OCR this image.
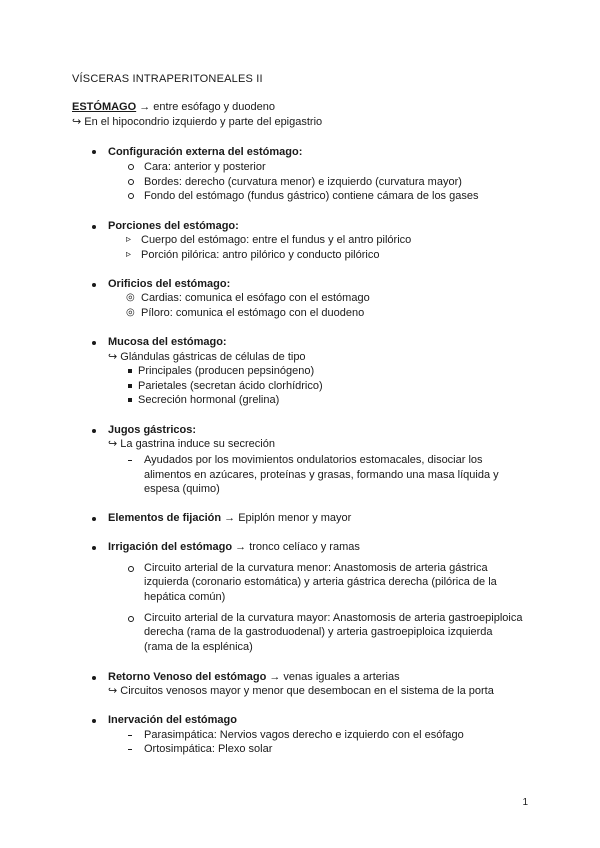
VÍSCERAS INTRAPERITONEALES II
ESTÓMAGO → entre esófago y duodeno
↪ En el hipocondrio izquierdo y parte del epigastrio
Configuración externa del estómago:
Cara: anterior y posterior
Bordes: derecho (curvatura menor) e izquierdo (curvatura mayor)
Fondo del estómago (fundus gástrico) contiene cámara de los gases
Porciones del estómago:
▹ Cuerpo del estómago: entre el fundus y el antro pilórico
▹ Porción pilórica: antro pilórico y conducto pilórico
Orificios del estómago:
◎ Cardias: comunica el esófago con el estómago
◎ Píloro: comunica el estómago con el duodeno
Mucosa del estómago:
↪ Glándulas gástricas de células de tipo
Principales (producen pepsinógeno)
Parietales (secretan ácido clorhídrico)
Secreción hormonal (grelina)
Jugos gástricos:
↪ La gastrina induce su secreción
Ayudados por los movimientos ondulatorios estomacales, disociar los
alimentos en azúcares, proteínas y grasas, formando una masa líquida y
espesa (quimo)
Elementos de fijación → Epiplón menor y mayor
Irrigación del estómago → tronco celíaco y ramas
Circuito arterial de la curvatura menor: Anastomosis de arteria gástrica
izquierda (coronario estomática) y arteria gástrica derecha (pilórica de la
hepática común)
Circuito arterial de la curvatura mayor: Anastomosis de arteria gastroepiploica
derecha (rama de la gastroduodenal) y arteria gastroepiploica izquierda
(rama de la esplénica)
Retorno Venoso del estómago → venas iguales a arterias
↪ Circuitos venosos mayor y menor que desembocan en el sistema de la porta
Inervación del estómago
Parasimpática: Nervios vagos derecho e izquierdo con el esófago
Ortosimpática: Plexo solar
1
